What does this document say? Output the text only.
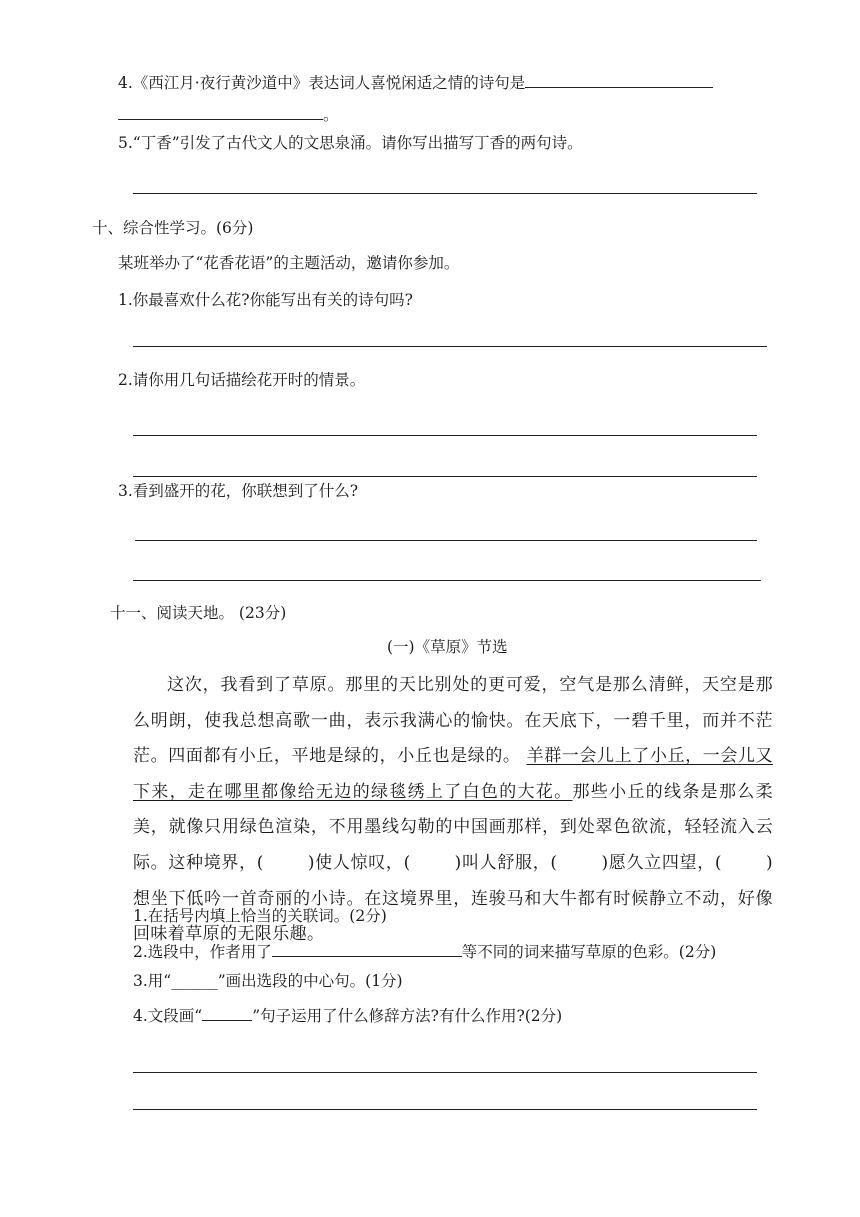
4.《西江月·夜行黄沙道中》表达词人喜悦闲适之情的诗句是
。
5.“丁香”引发了古代文人的文思泉涌。请你写出描写丁香的两句诗。
十、综合性学习。(6分)
某班举办了“花香花语”的主题活动，邀请你参加。
1.你最喜欢什么花?你能写出有关的诗句吗?
2.请你用几句话描绘花开时的情景。
3.看到盛开的花，你联想到了什么?
十一、阅读天地。 (23分)
(一)《草原》节选

这次，我看到了草原。那里的天比别处的更可爱，空气是那么清鲜，天空是那么明朗，使我总想高歌一曲，表示我满心的愉快。在天底下，一碧千里，而并不茫茫。四面都有小丘，平地是绿的，小丘也是绿的。 羊群一会儿上了小丘，一会儿又下来，走在哪里都像给无边的绿毯绣上了白色的大花。那些小丘的线条是那么柔美，就像只用绿色渲染，不用墨线勾勒的中国画那样，到处翠色欲流，轻轻流入云际。这种境界，(	)使人惊叹，(	)叫人舒服，(	)愿久立四望，(	)想坐下低吟一首奇丽的小诗。在这境界里，连骏马和大牛都有时候静立不动，好像回味着草原的无限乐趣。

1.在括号内填上恰当的关联词。(2分)
2.选段中，作者用了	等不同的词来描写草原的色彩。(2分)
3.用“______”画出选段的中心句。(1分)
4.文段画“	”句子运用了什么修辞方法?有什么作用?(2分)
